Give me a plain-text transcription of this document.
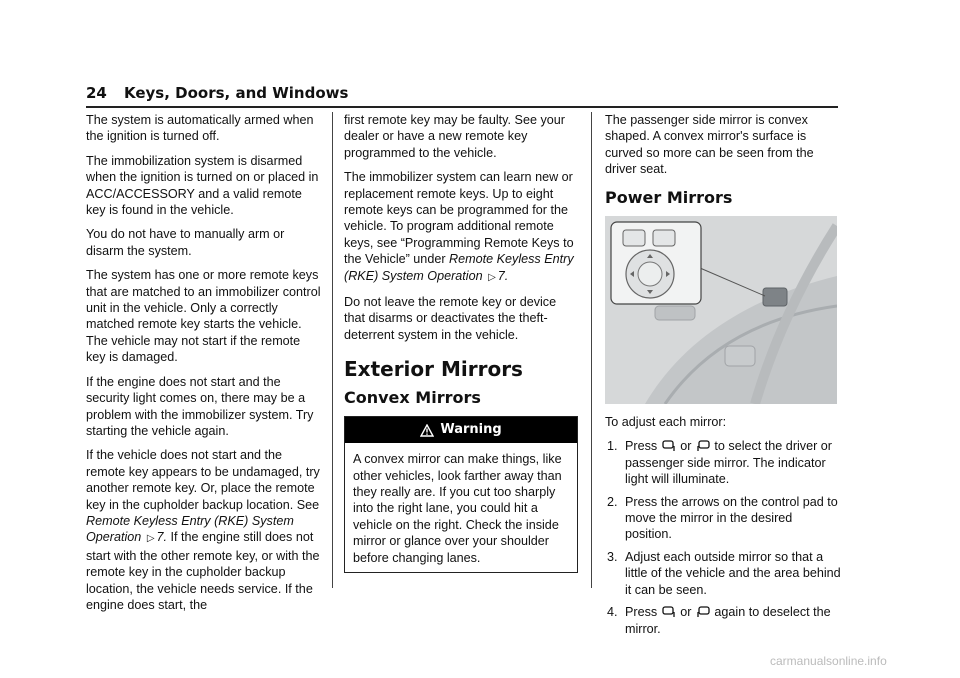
24 Keys, Doors, and Windows

The system is automatically armed when the ignition is turned off.

The immobilization system is disarmed when the ignition is turned on or placed in ACC/ACCESSORY and a valid remote key is found in the vehicle.

You do not have to manually arm or disarm the system.

The system has one or more remote keys that are matched to an immobilizer control unit in the vehicle. Only a correctly matched remote key starts the vehicle. The vehicle may not start if the remote key is damaged.

If the engine does not start and the security light comes on, there may be a problem with the immobilizer system. Try starting the vehicle again.

If the vehicle does not start and the remote key appears to be undamaged, try another remote key. Or, place the remote key in the cupholder backup location. See Remote Keyless Entry (RKE) System Operation ▷ 7. If the engine still does not start with the other remote key, or with the remote key in the cupholder backup location, the vehicle needs service. If the engine does start, the

first remote key may be faulty. See your dealer or have a new remote key programmed to the vehicle.

The immobilizer system can learn new or replacement remote keys. Up to eight remote keys can be programmed for the vehicle. To program additional remote keys, see “Programming Remote Keys to the Vehicle” under Remote Keyless Entry (RKE) System Operation ▷ 7.

Do not leave the remote key or device that disarms or deactivates the theft-deterrent system in the vehicle.

Exterior Mirrors
Convex Mirrors
Warning
A convex mirror can make things, like other vehicles, look farther away than they really are. If you cut too sharply into the right lane, you could hit a vehicle on the right. Check the inside mirror or glance over your shoulder before changing lanes.

The passenger side mirror is convex shaped. A convex mirror's surface is curved so more can be seen from the driver seat.

Power Mirrors

To adjust each mirror:

1. Press or to select the driver or passenger side mirror. The indicator light will illuminate.
2. Press the arrows on the control pad to move the mirror in the desired position.
3. Adjust each outside mirror so that a little of the vehicle and the area behind it can be seen.
4. Press or again to deselect the mirror.
carmanualsonline.info
